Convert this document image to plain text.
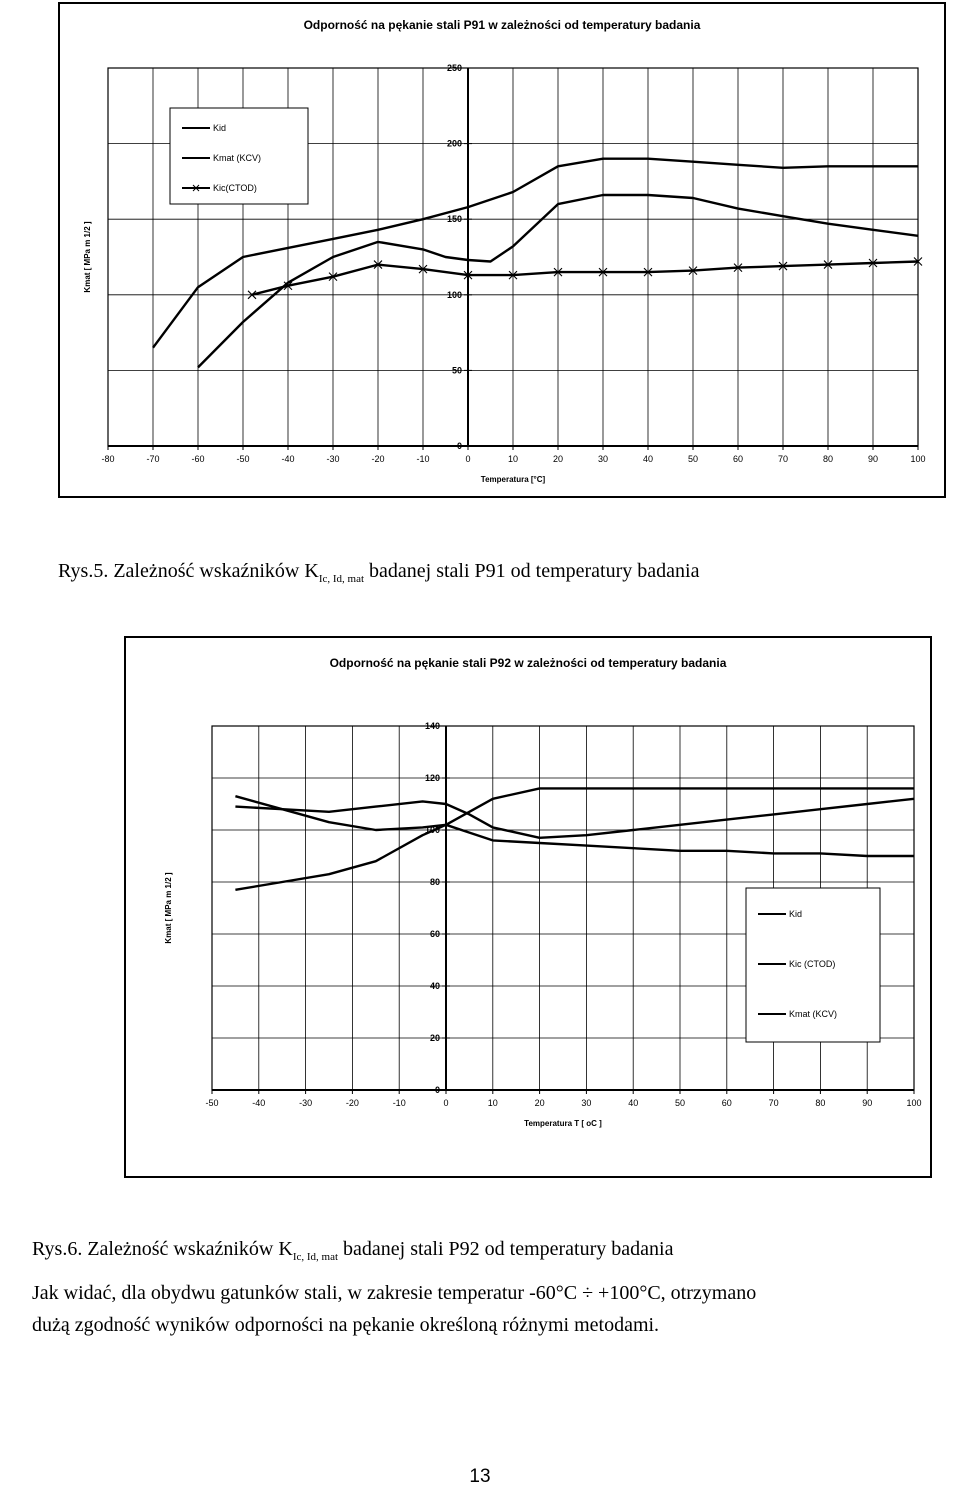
Odporność na pękanie stali P91 w zależności od temperatury badania
-80	-70	-60	-50	-40	-30	-20	-10	0	10	20	30	40	50	60	70	80	90	100
0
50
100
150
200
250
Temperatura [°C]
Kmat [ MPa m 1/2 ]
Kid
Kmat (KCV)
Kic(CTOD)
Rys.5. Zależność wskaźników $K_{Ic, Id, mat}$ badanej stali P91 od temperatury badania
Odporność na pękanie stali P92 w zależności od temperatury badania
-50	-40	-30	-20	-10	0	10	20	30	40	50	60	70	80	90	100
0
20
40
60
80
100
120
140
Temperatura T [ oC ]
Kmat [ MPa m 1/2 ]	Kid
Kic (CTOD)
Kmat (KCV)
Rys.6. Zależność wskaźników $K_{Ic, Id, mat}$ badanej stali P92 od temperatury badania
Jak widać, dla obydwu gatunków stali, w zakresie temperatur -60°C ÷ +100°C, otrzymano
dużą zgodność wyników odporności na pękanie określoną różnymi metodami.
13
